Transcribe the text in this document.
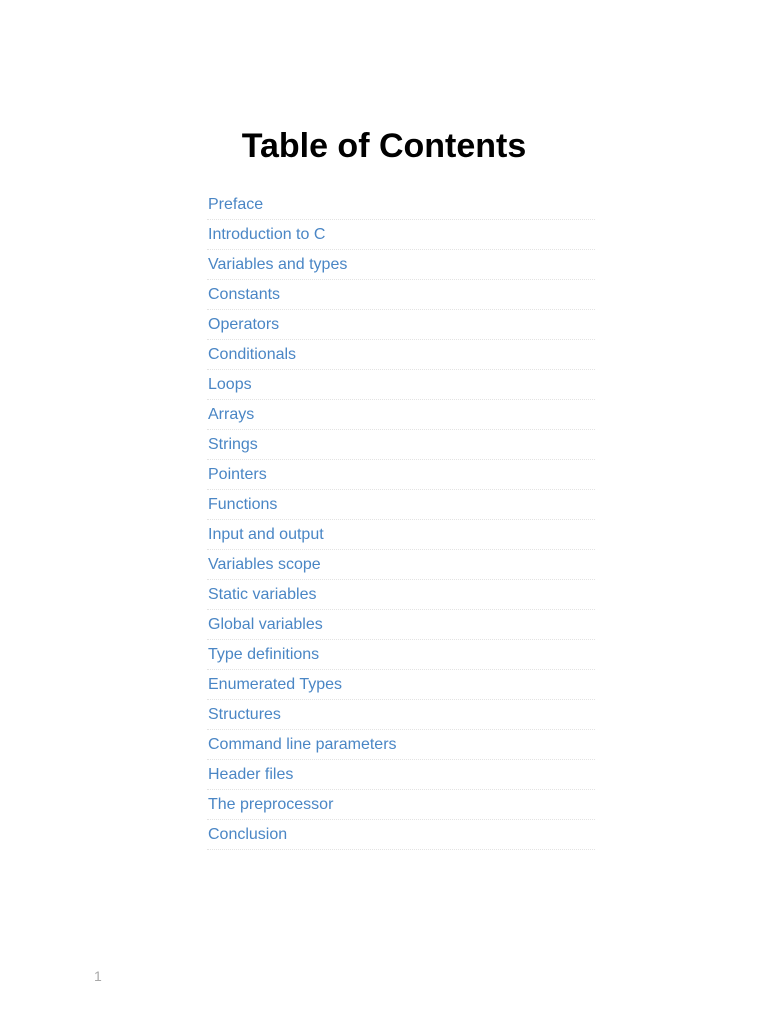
Table of Contents
Preface
Introduction to C
Variables and types
Constants
Operators
Conditionals
Loops
Arrays
Strings
Pointers
Functions
Input and output
Variables scope
Static variables
Global variables
Type definitions
Enumerated Types
Structures
Command line parameters
Header files
The preprocessor
Conclusion
1
